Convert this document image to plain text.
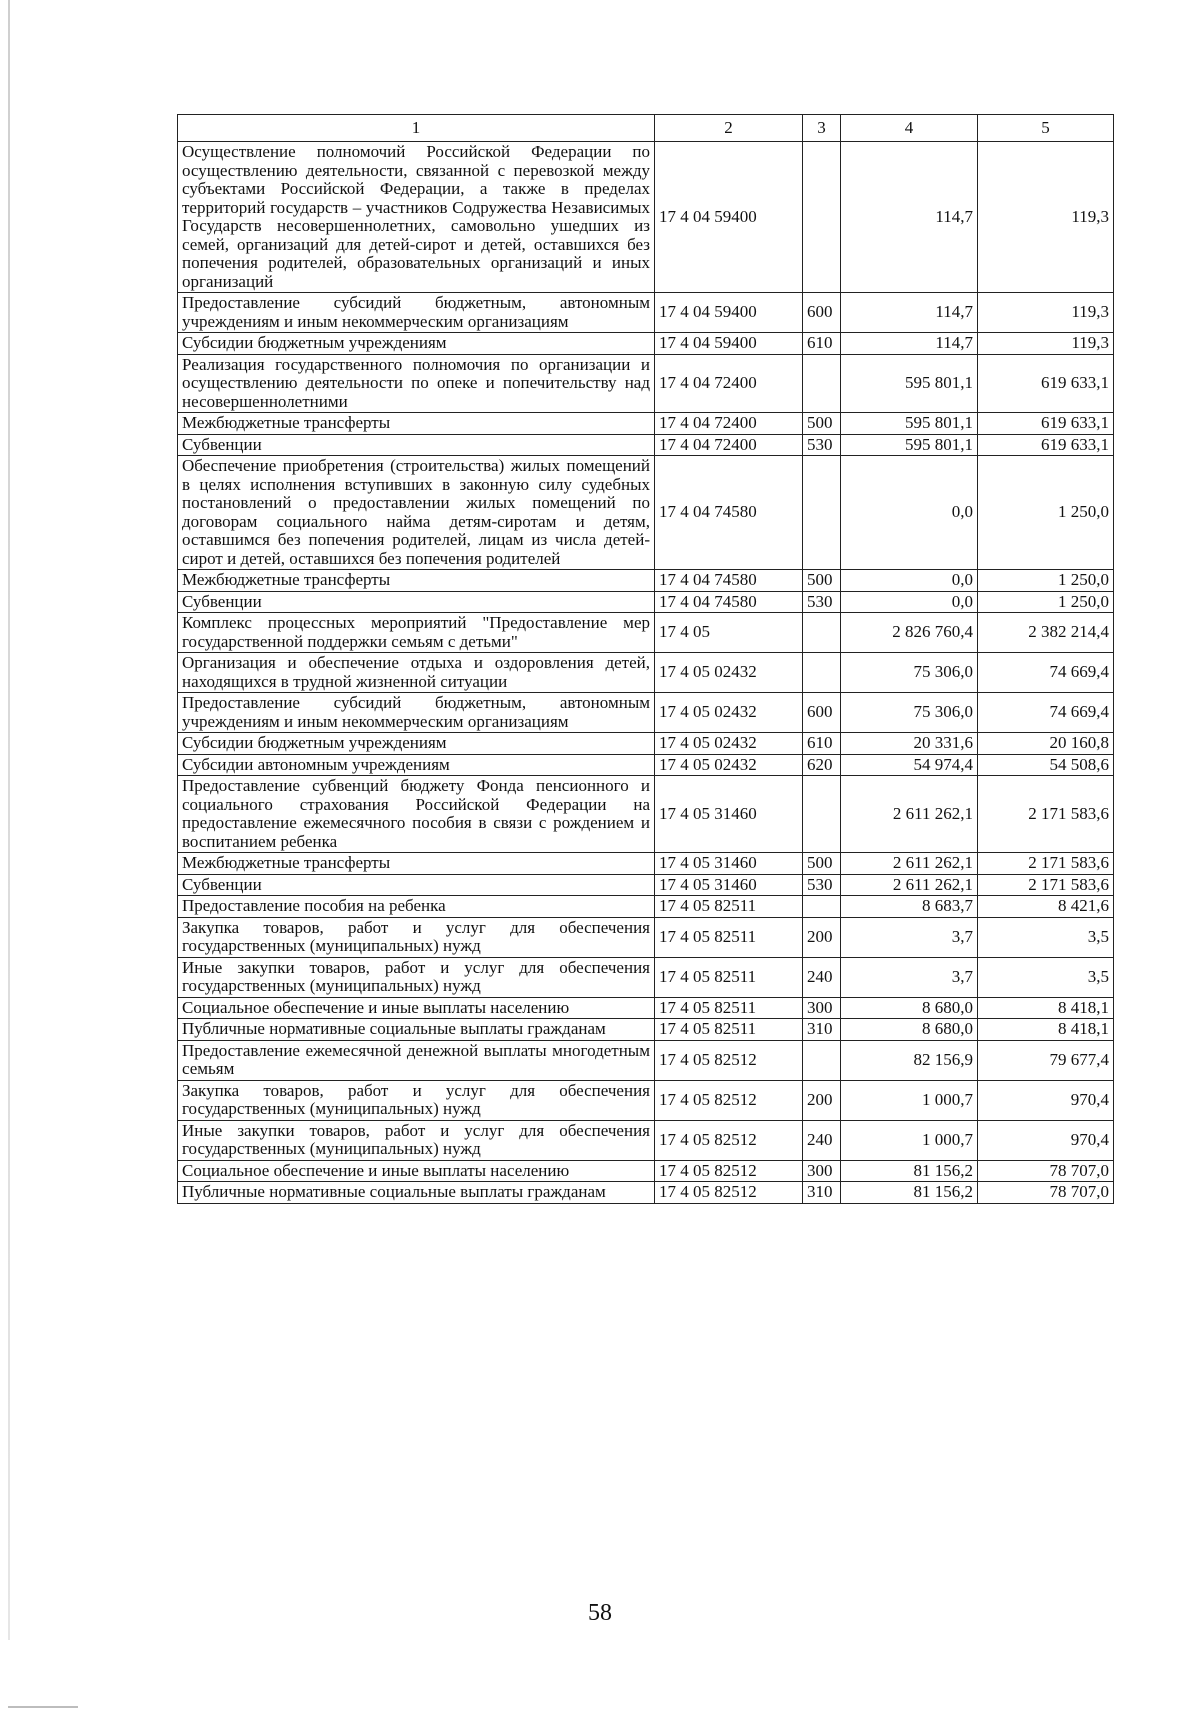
1	2	3	4	5
Осуществление полномочий Российской Федерации по осуществлению деятельности, связанной с перевозкой между субъектами Российской Федерации, а также в пределах территорий государств – участников Содружества Независимых Государств несовершеннолетних, самовольно ушедших из семей, организаций для детей-сирот и детей, оставшихся без попечения родителей, образовательных организаций и иных организаций	17 4 04 59400		114,7	119,3
Предоставление субсидий бюджетным, автономным учреждениям и иным некоммерческим организациям	17 4 04 59400	600	114,7	119,3
Субсидии бюджетным учреждениям	17 4 04 59400	610	114,7	119,3
Реализация государственного полномочия по организации и осуществлению деятельности по опеке и попечительству над несовершеннолетними	17 4 04 72400		595 801,1	619 633,1
Межбюджетные трансферты	17 4 04 72400	500	595 801,1	619 633,1
Субвенции	17 4 04 72400	530	595 801,1	619 633,1
Обеспечение приобретения (строительства) жилых помещений в целях исполнения вступивших в законную силу судебных постановлений о предоставлении жилых помещений по договорам социального найма детям-сиротам и детям, оставшимся без попечения родителей, лицам из числа детей-сирот и детей, оставшихся без попечения родителей	17 4 04 74580		0,0	1 250,0
Межбюджетные трансферты	17 4 04 74580	500	0,0	1 250,0
Субвенции	17 4 04 74580	530	0,0	1 250,0
Комплекс процессных мероприятий "Предоставление мер государственной поддержки семьям с детьми"	17 4 05		2 826 760,4	2 382 214,4
Организация и обеспечение отдыха и оздоровления детей, находящихся в трудной жизненной ситуации	17 4 05 02432		75 306,0	74 669,4
Предоставление субсидий бюджетным, автономным учреждениям и иным некоммерческим организациям	17 4 05 02432	600	75 306,0	74 669,4
Субсидии бюджетным учреждениям	17 4 05 02432	610	20 331,6	20 160,8
Субсидии автономным учреждениям	17 4 05 02432	620	54 974,4	54 508,6
Предоставление субвенций бюджету Фонда пенсионного и социального страхования Российской Федерации на предоставление ежемесячного пособия в связи с рождением и воспитанием ребенка	17 4 05 31460		2 611 262,1	2 171 583,6
Межбюджетные трансферты	17 4 05 31460	500	2 611 262,1	2 171 583,6
Субвенции	17 4 05 31460	530	2 611 262,1	2 171 583,6
Предоставление пособия на ребенка	17 4 05 82511		8 683,7	8 421,6
Закупка товаров, работ и услуг для обеспечения государственных (муниципальных) нужд	17 4 05 82511	200	3,7	3,5
Иные закупки товаров, работ и услуг для обеспечения государственных (муниципальных) нужд	17 4 05 82511	240	3,7	3,5
Социальное обеспечение и иные выплаты населению	17 4 05 82511	300	8 680,0	8 418,1
Публичные нормативные социальные выплаты гражданам	17 4 05 82511	310	8 680,0	8 418,1
Предоставление ежемесячной денежной выплаты многодетным семьям	17 4 05 82512		82 156,9	79 677,4
Закупка товаров, работ и услуг для обеспечения государственных (муниципальных) нужд	17 4 05 82512	200	1 000,7	970,4
Иные закупки товаров, работ и услуг для обеспечения государственных (муниципальных) нужд	17 4 05 82512	240	1 000,7	970,4
Социальное обеспечение и иные выплаты населению	17 4 05 82512	300	81 156,2	78 707,0
Публичные нормативные социальные выплаты гражданам	17 4 05 82512	310	81 156,2	78 707,0
58
